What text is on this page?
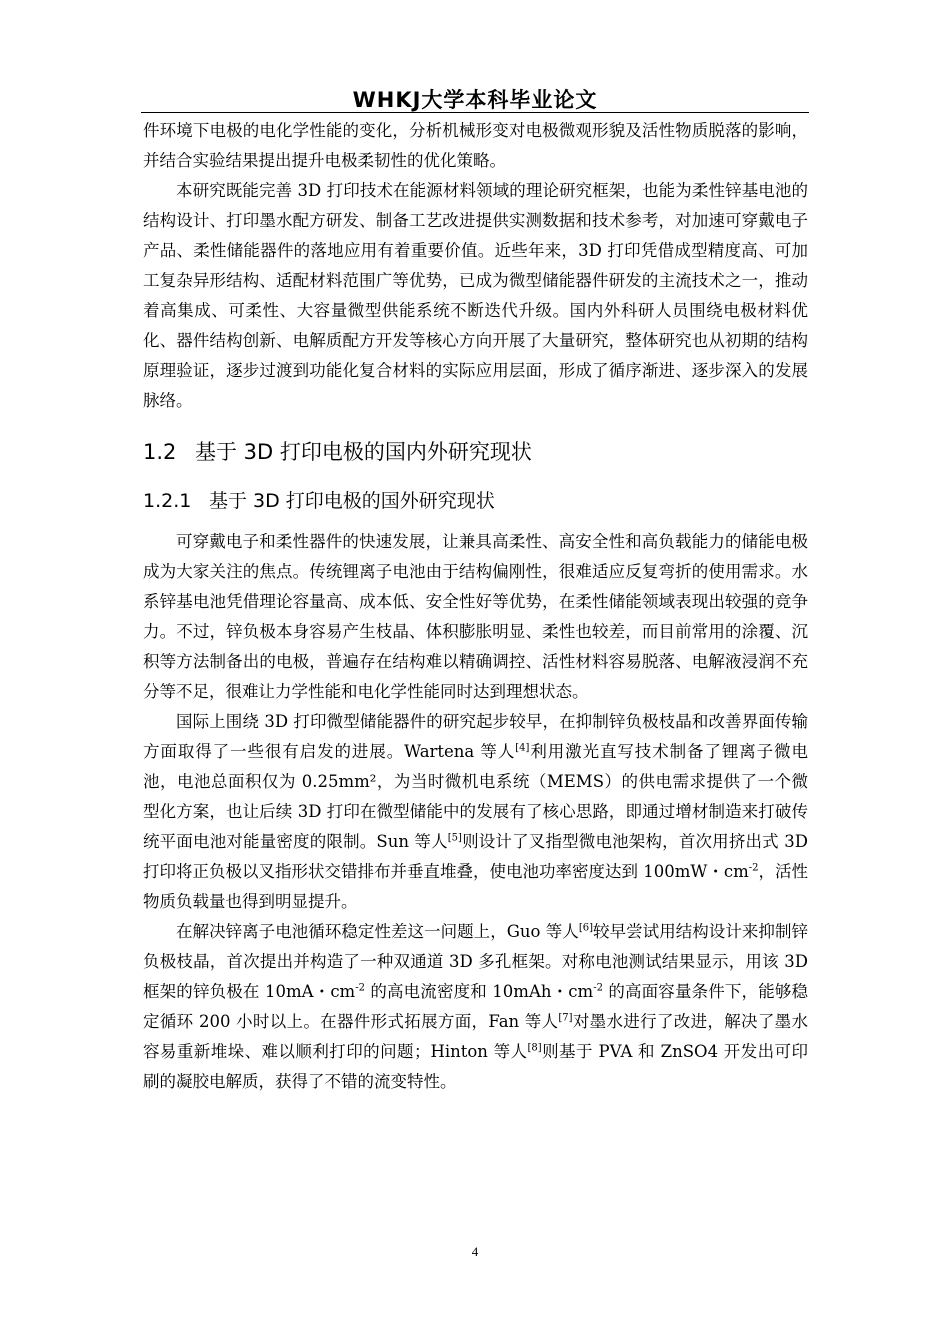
WHKJ大学本科毕业论文

件环境下电极的电化学性能的变化，分析机械形变对电极微观形貌及活性物质脱落的影响，并结合实验结果提出提升电极柔韧性的优化策略。

本研究既能完善 3D 打印技术在能源材料领域的理论研究框架，也能为柔性锌基电池的结构设计、打印墨水配方研发、制备工艺改进提供实测数据和技术参考，对加速可穿戴电子产品、柔性储能器件的落地应用有着重要价值。近些年来，3D 打印凭借成型精度高、可加工复杂异形结构、适配材料范围广等优势，已成为微型储能器件研发的主流技术之一，推动着高集成、可柔性、大容量微型供能系统不断迭代升级。国内外科研人员围绕电极材料优化、器件结构创新、电解质配方开发等核心方向开展了大量研究，整体研究也从初期的结构原理验证，逐步过渡到功能化复合材料的实际应用层面，形成了循序渐进、逐步深入的发展脉络。

1.2 基于 3D 打印电极的国内外研究现状
1.2.1 基于 3D 打印电极的国外研究现状

可穿戴电子和柔性器件的快速发展，让兼具高柔性、高安全性和高负载能力的储能电极成为大家关注的焦点。传统锂离子电池由于结构偏刚性，很难适应反复弯折的使用需求。水系锌基电池凭借理论容量高、成本低、安全性好等优势，在柔性储能领域表现出较强的竞争力。不过，锌负极本身容易产生枝晶、体积膨胀明显、柔性也较差，而目前常用的涂覆、沉积等方法制备出的电极，普遍存在结构难以精确调控、活性材料容易脱落、电解液浸润不充分等不足，很难让力学性能和电化学性能同时达到理想状态。

国际上围绕 3D 打印微型储能器件的研究起步较早，在抑制锌负极枝晶和改善界面传输方面取得了一些很有启发的进展。Wartena 等人[4]利用激光直写技术制备了锂离子微电池，电池总面积仅为 0.25mm²，为当时微机电系统（MEMS）的供电需求提供了一个微型化方案，也让后续 3D 打印在微型储能中的发展有了核心思路，即通过增材制造来打破传统平面电池对能量密度的限制。Sun 等人[5]则设计了叉指型微电池架构，首次用挤出式 3D 打印将正负极以叉指形状交错排布并垂直堆叠，使电池功率密度达到 100mW・$cm^{-2}$，活性物质负载量也得到明显提升。

在解决锌离子电池循环稳定性差这一问题上，Guo 等人[6]较早尝试用结构设计来抑制锌负极枝晶，首次提出并构造了一种双通道 3D 多孔框架。对称电池测试结果显示，用该 3D 框架的锌负极在 10mA・$cm^{-2}$ 的高电流密度和 10mAh・$cm^{-2}$ 的高面容量条件下，能够稳定循环 200 小时以上。在器件形式拓展方面，Fan 等人[7]对墨水进行了改进，解决了墨水容易重新堆垛、难以顺利打印的问题；Hinton 等人[8]则基于 PVA 和 ZnSO4 开发出可印刷的凝胶电解质，获得了不错的流变特性。

4
